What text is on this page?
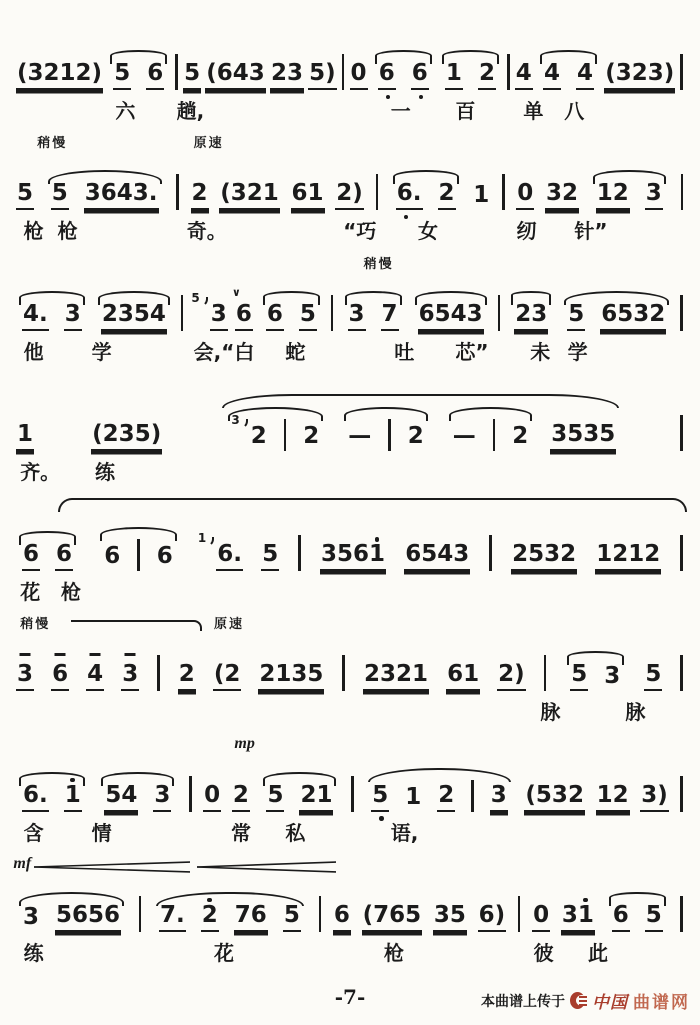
(3212) 5 6 5 (643 23 5) 0 6 6 1 2 4 4 4 (323)
六 趟,	一 百 单 八
稍慢	原速
5 5 3643. 2 (321 61 2) 6. 2 1 0 32 12 3
枪 枪	奇。	“巧 女	纫 针”
稍慢
4. 3 2354
5
3
∨
6 6 5 3 7 6543 23 5 6532
他 学	会,“白 蛇	吐 芯” 未 学
1	(235)
3
2 2 — 2 — 2 3535
齐。 练
6 6 6 6
1
6. 5 3561 6543 2532 1212
花 枪
稍慢	原速
3 6 4 3 2 (2 2135 2321 61 2) 5 3 5
脉	脉
mp
6. 1 54 3 0 2 5 21 5 1 2 3 (532 12 3)
含 情	常 私	语,
mf
3 5656 7. 2 76 5 6 (765 35 6) 0 31 6 5
练	花	枪	彼 此
-7-	本曲谱上传于 中国 曲谱网
